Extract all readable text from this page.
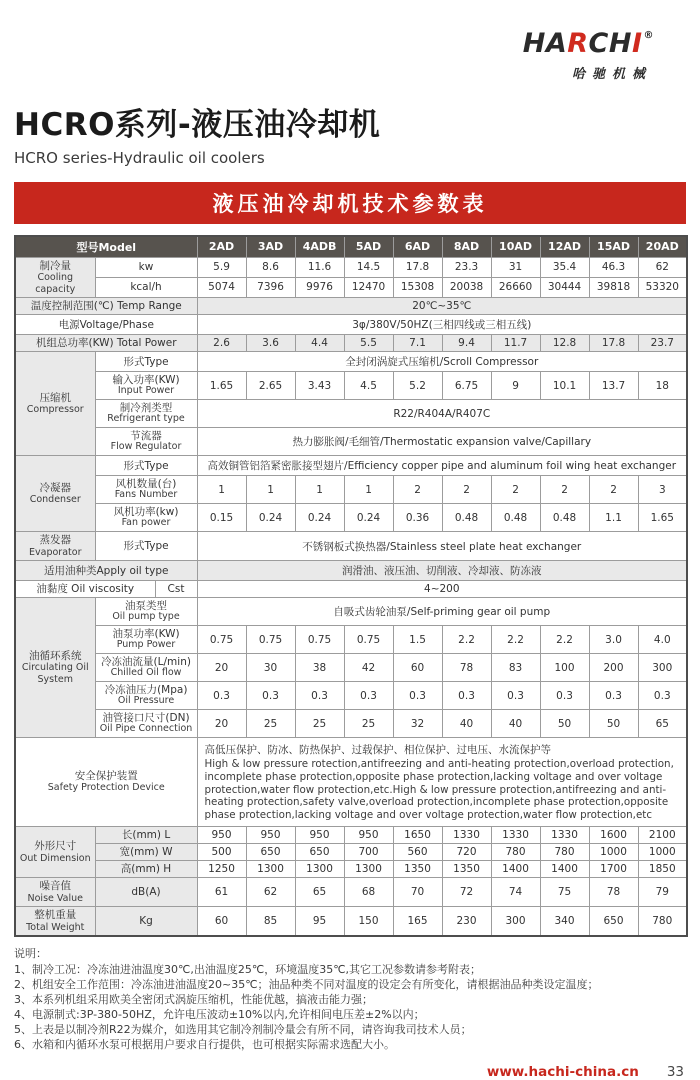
HARCHI®
哈驰机械
HCRO系列-液压油冷却机
HCRO series-Hydraulic oil coolers
液压油冷却机技术参数表
型号Model			2AD	3AD	4ADB	5AD	6AD	8AD	10AD	12AD	15AD	20AD

制冷量
Cooling capacity	kw		5.9	8.6	11.6	14.5	17.8	23.3	31	35.4	46.3	62

	kcal/h		5074	7396	9976	12470	15308	20038	26660	30444	39818	53320

温度控制范围(℃) Temp Range			20℃~35℃									

电源Voltage/Phase			3φ/380V/50HZ(三相四线或三相五线)									

机组总功率(KW) Total Power			2.6	3.6	4.4	5.5	7.1	9.4	11.7	12.8	17.8	23.7

压缩机
Compressor	形式Type		全封闭涡旋式压缩机/Scroll Compressor									

	输入功率(KW)
Input Power		1.65	2.65	3.43	4.5	5.2	6.75	9	10.1	13.7	18

	制冷剂类型
Refrigerant type		R22/R404A/R407C									

	节流器
Flow Regulator		热力膨胀阀/毛细管/Thermostatic expansion valve/Capillary									

冷凝器
Condenser	形式Type		高效铜管铝箔紧密胀接型翅片/Efficiency copper pipe and aluminum foil wing heat exchanger									

	风机数量(台)
Fans Number		1	1	1	1	2	2	2	2	2	3

	风机功率(kw)
Fan power		0.15	0.24	0.24	0.24	0.36	0.48	0.48	0.48	1.1	1.65

蒸发器
Evaporator	形式Type		不锈钢板式换热器/Stainless steel plate heat exchanger									

适用油种类Apply oil type			润滑油、液压油、切削液、冷却液、防冻液									

油黏度 Oil viscosity		Cst	4~200									

油循环系统
Circulating Oil System

油泵类型
Oil pump type	自吸式齿轮油泵/Self-priming gear oil pump

	油泵功率(KW)
Pump Power		0.75	0.75	0.75	0.75	1.5	2.2	2.2	2.2	3.0	4.0

	冷冻油流量(L/min)
Chilled Oil flow		20	30	38	42	60	78	83	100	200	300

	冷冻油压力(Mpa)
Oil Pressure		0.3	0.3	0.3	0.3	0.3	0.3	0.3	0.3	0.3	0.3

	油管接口尺寸(DN)
Oil Pipe Connection		20	25	25	25	32	40	40	50	50	65

安全保护装置
Safety Protection Device

高低压保护、防冰、防热保护、过载保护、相位保护、过电压、水流保护等
High & low pressure rotection,antifreezing and anti-heating protection,overload protection, incomplete phase protection,opposite phase protection,lacking voltage and over voltage protection,water flow protection,etc.High & low pressure protection,antifreezing and anti-heating protection,safety valve,overload protection,incomplete phase protection,opposite phase protection,lacking voltage and over voltage protection,water flow protection,etc

外形尺寸
Out Dimension	长(mm) L		950	950	950	950	1650	1330	1330	1330	1600	2100

	宽(mm) W		500	650	650	700	560	720	780	780	1000	1000

	高(mm) H		1250	1300	1300	1300	1350	1350	1400	1400	1700	1850

噪音值
Noise Value	dB(A)		61	62	65	68	70	72	74	75	78	79

整机重量
Total Weight	Kg		60	85	95	150	165	230	300	340	650	780
说明：
1、制冷工况：冷冻油进油温度30℃,出油温度25℃，环境温度35℃,其它工况参数请参考附表；
2、机组安全工作范围：冷冻油进油温度20~35℃；油品种类不同对温度的设定会有所变化，请根据油品种类设定温度；
3、本系列机组采用欧美全密闭式涡旋压缩机，性能优越，搞液击能力强；
4、电源制式:3P-380-50HZ，允许电压波动±10%以内,允许相间电压差±2%以内；
5、上表是以制冷剂R22为媒介，如选用其它制冷剂制冷量会有所不同，请咨询我司技术人员；
6、水箱和内循环水泵可根据用户要求自行提供，也可根据实际需求选配大小。
www.hachi-china.cn 33
